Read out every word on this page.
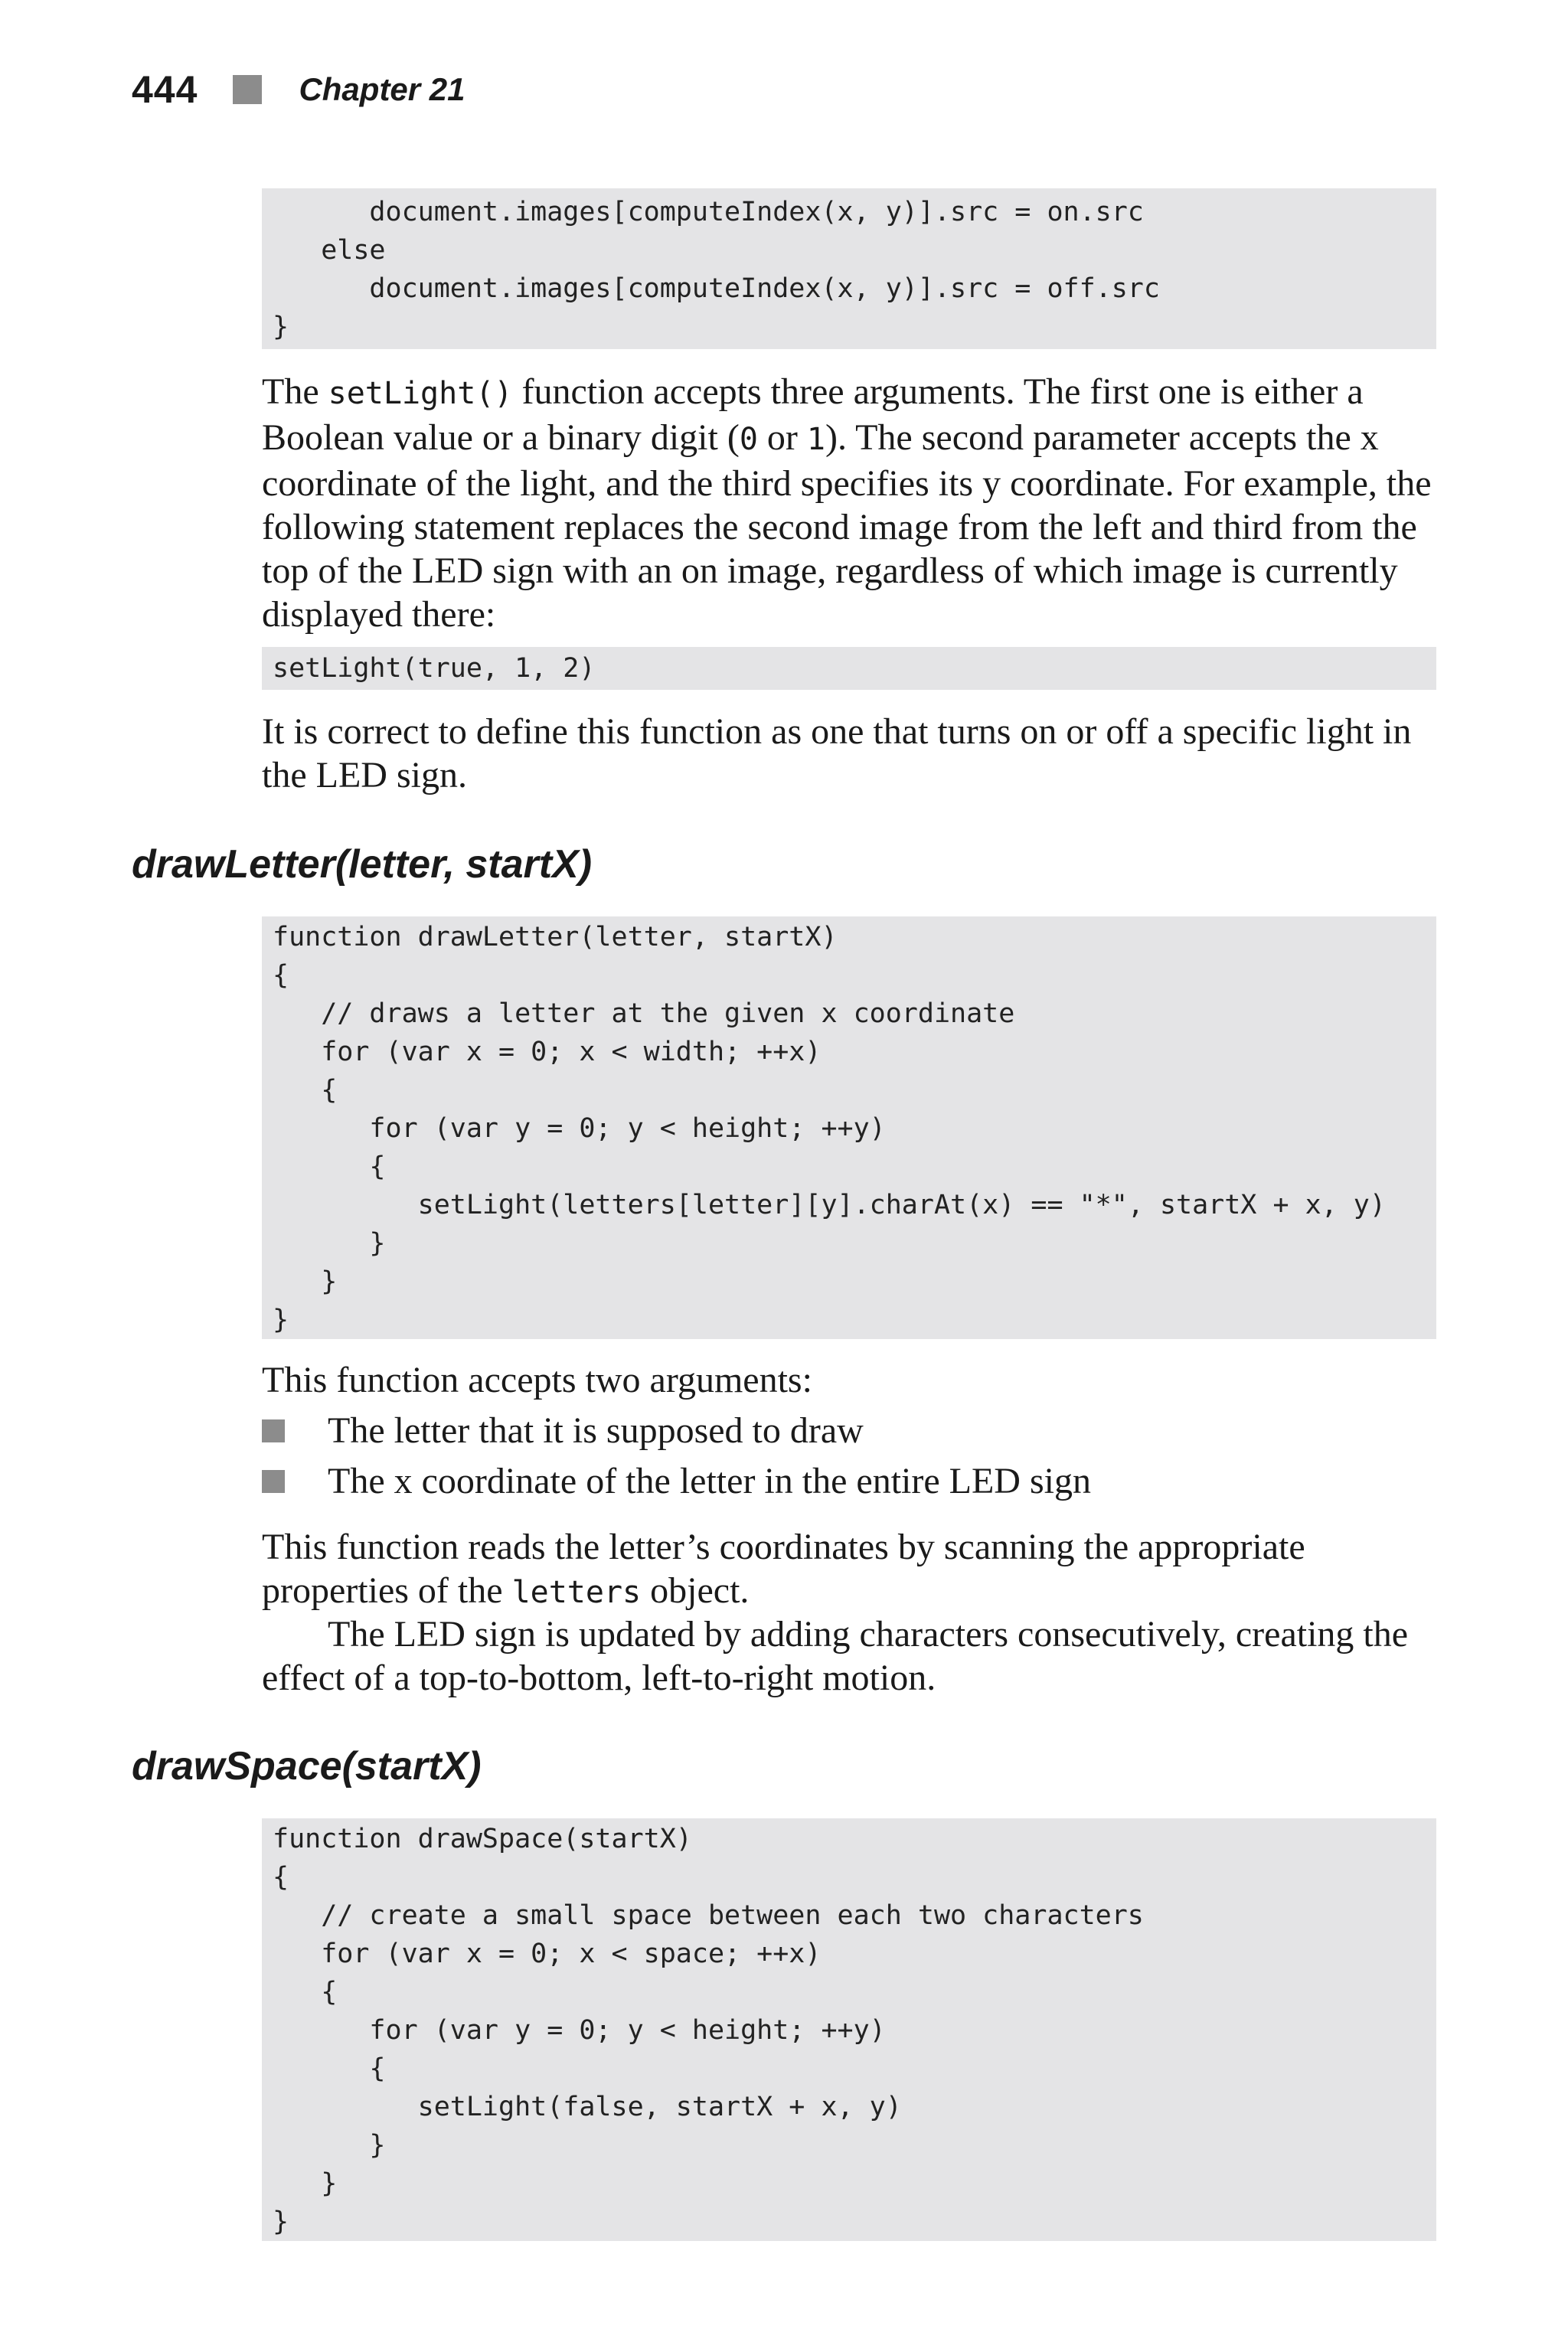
444	Chapter 21
document.images[computeIndex(x, y)].src = on.src
else
document.images[computeIndex(x, y)].src = off.src
}
The setLight() function accepts three arguments. The first one is either a Boolean value or a binary digit (0 or 1). The second parameter accepts the x coordinate of the light, and the third specifies its y coordinate. For example, the following statement replaces the second image from the left and third from the top of the LED sign with an on image, regardless of which image is currently displayed there:
setLight(true, 1, 2)
It is correct to define this function as one that turns on or off a specific light in the LED sign.
drawLetter(letter, startX)
function drawLetter(letter, startX)
{
// draws a letter at the given x coordinate
for (var x = 0; x < width; ++x)
{
for (var y = 0; y < height; ++y)
{
setLight(letters[letter][y].charAt(x) == "*", startX + x, y)
}
}
}
This function accepts two arguments:
The letter that it is supposed to draw
The x coordinate of the letter in the entire LED sign
This function reads the letter’s coordinates by scanning the appropriate properties of the letters object.
The LED sign is updated by adding characters consecutively, creating the effect of a top-to-bottom, left-to-right motion.
drawSpace(startX)
function drawSpace(startX)
{
// create a small space between each two characters
for (var x = 0; x < space; ++x)
{
for (var y = 0; y < height; ++y)
{
setLight(false, startX + x, y)
}
}
}
